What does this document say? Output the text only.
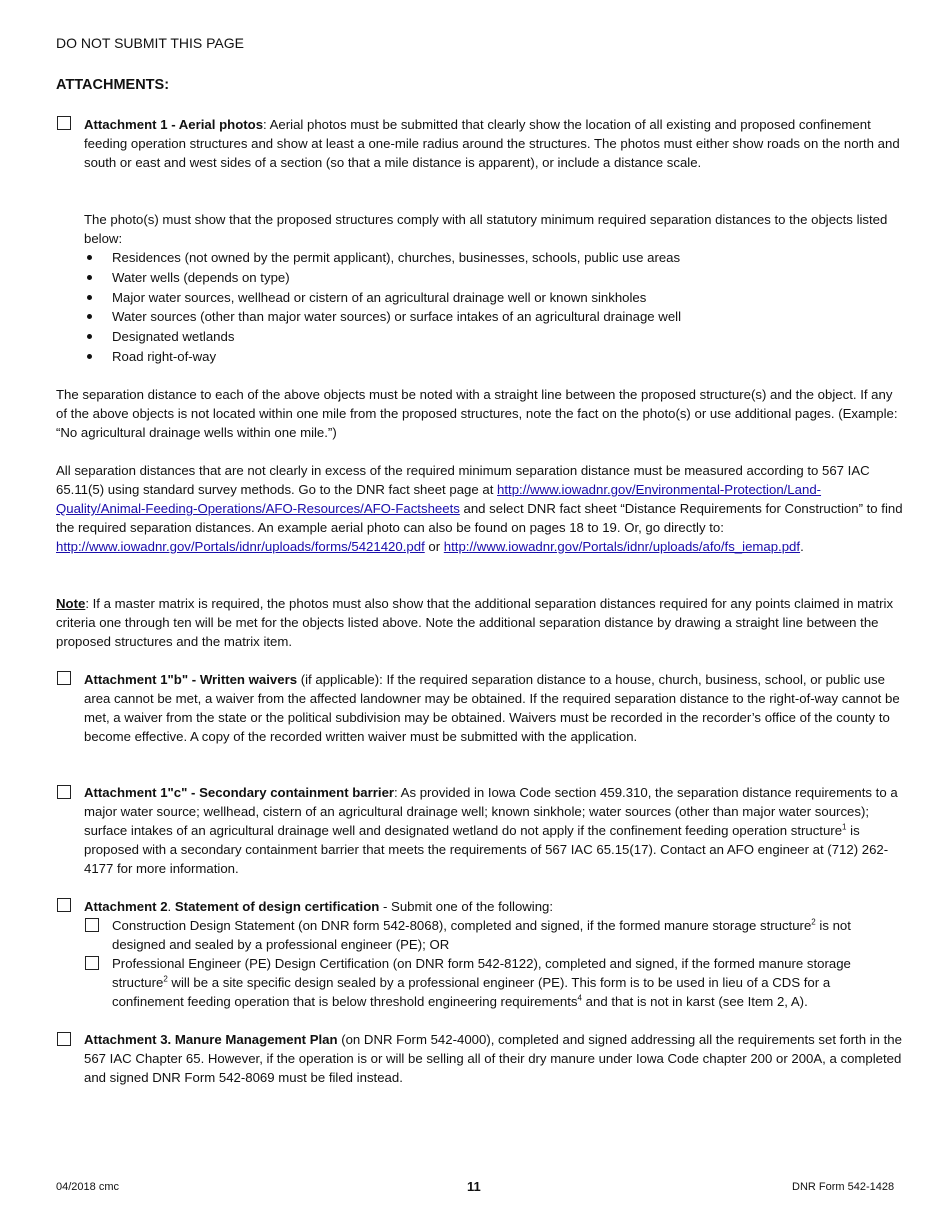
DO NOT SUBMIT THIS PAGE
ATTACHMENTS:
Attachment 1 - Aerial photos: Aerial photos must be submitted that clearly show the location of all existing and proposed confinement feeding operation structures and show at least a one-mile radius around the structures. The photos must either show roads on the north and south or east and west sides of a section (so that a mile distance is apparent), or include a distance scale.
The photo(s) must show that the proposed structures comply with all statutory minimum required separation distances to the objects listed below:
Residences (not owned by the permit applicant), churches, businesses, schools, public use areas
Water wells (depends on type)
Major water sources, wellhead or cistern of an agricultural drainage well or known sinkholes
Water sources (other than major water sources) or surface intakes of an agricultural drainage well
Designated wetlands
Road right-of-way
The separation distance to each of the above objects must be noted with a straight line between the proposed structure(s) and the object. If any of the above objects is not located within one mile from the proposed structures, note the fact on the photo(s) or use additional pages. (Example: “No agricultural drainage wells within one mile.”)
All separation distances that are not clearly in excess of the required minimum separation distance must be measured according to 567 IAC 65.11(5) using standard survey methods. Go to the DNR fact sheet page at http://www.iowadnr.gov/Environmental-Protection/Land-Quality/Animal-Feeding-Operations/AFO-Resources/AFO-Factsheets and select DNR fact sheet “Distance Requirements for Construction” to find the required separation distances. An example aerial photo can also be found on pages 18 to 19. Or, go directly to: http://www.iowadnr.gov/Portals/idnr/uploads/forms/5421420.pdf or http://www.iowadnr.gov/Portals/idnr/uploads/afo/fs_iemap.pdf.
Note: If a master matrix is required, the photos must also show that the additional separation distances required for any points claimed in matrix criteria one through ten will be met for the objects listed above. Note the additional separation distance by drawing a straight line between the proposed structures and the matrix item.
Attachment 1"b" - Written waivers (if applicable): If the required separation distance to a house, church, business, school, or public use area cannot be met, a waiver from the affected landowner may be obtained. If the required separation distance to the right-of-way cannot be met, a waiver from the state or the political subdivision may be obtained. Waivers must be recorded in the recorder’s office of the county to become effective. A copy of the recorded written waiver must be submitted with the application.
Attachment 1"c" - Secondary containment barrier: As provided in Iowa Code section 459.310, the separation distance requirements to a major water source; wellhead, cistern of an agricultural drainage well; known sinkhole; water sources (other than major water sources); surface intakes of an agricultural drainage well and designated wetland do not apply if the confinement feeding operation structure$^1$ is proposed with a secondary containment barrier that meets the requirements of 567 IAC 65.15(17). Contact an AFO engineer at (712) 262-4177 for more information.
Attachment 2. Statement of design certification - Submit one of the following:
Construction Design Statement (on DNR form 542-8068), completed and signed, if the formed manure storage structure$^2$ is not designed and sealed by a professional engineer (PE); OR
Professional Engineer (PE) Design Certification (on DNR form 542-8122), completed and signed, if the formed manure storage structure$^2$ will be a site specific design sealed by a professional engineer (PE). This form is to be used in lieu of a CDS for a confinement feeding operation that is below threshold engineering requirements$^4$ and that is not in karst (see Item 2, A).
Attachment 3. Manure Management Plan (on DNR Form 542-4000), completed and signed addressing all the requirements set forth in the 567 IAC Chapter 65. However, if the operation is or will be selling all of their dry manure under Iowa Code chapter 200 or 200A, a completed and signed DNR Form 542-8069 must be filed instead.
04/2018 cmc	11	DNR Form 542-1428
